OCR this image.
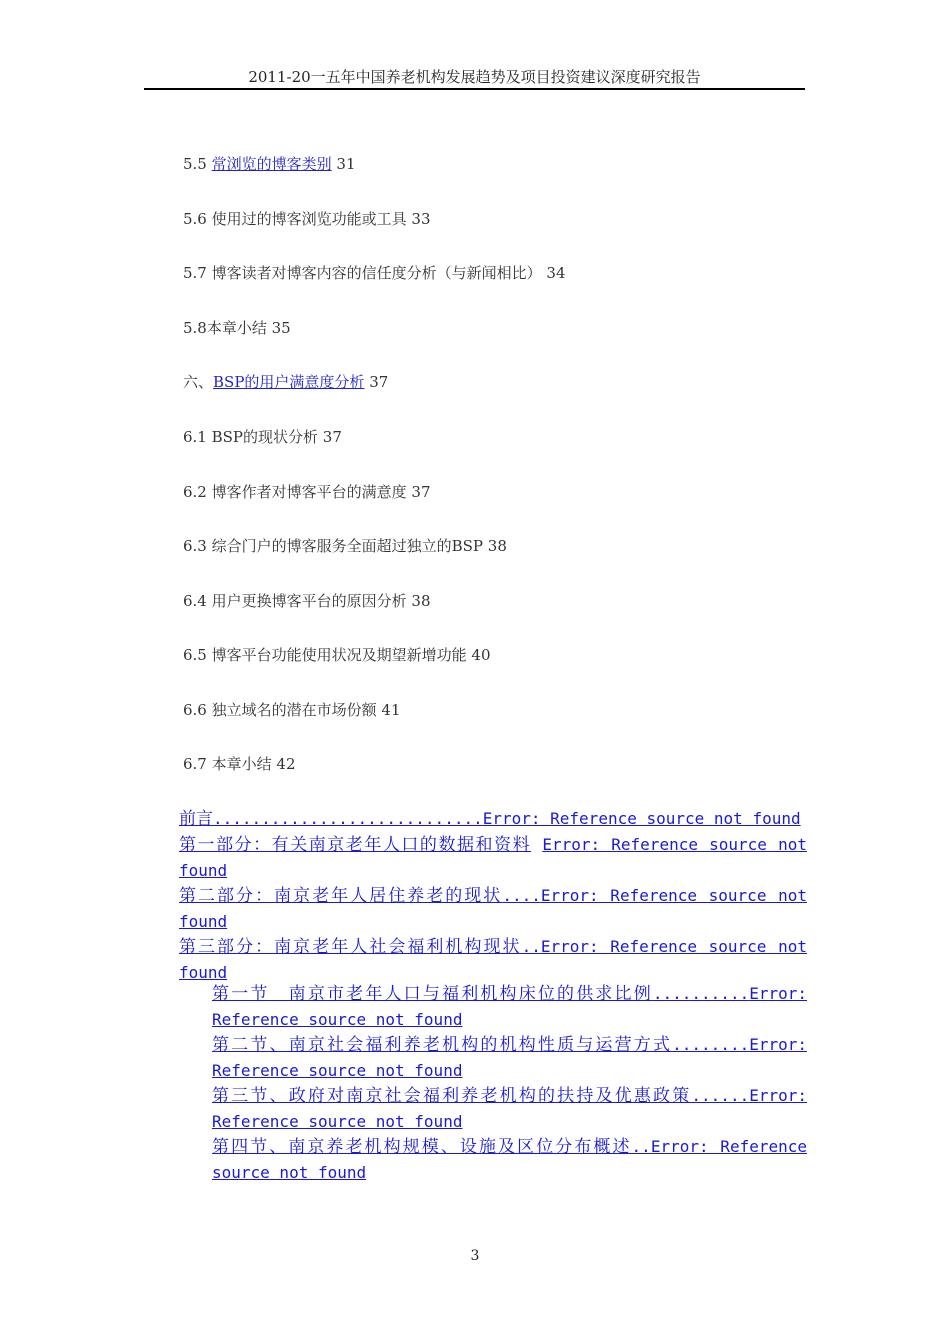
2011-20一五年中国养老机构发展趋势及项目投资建议深度研究报告
5.5 常浏览的博客类别 31
5.6 使用过的博客浏览功能或工具 33
5.7 博客读者对博客内容的信任度分析（与新闻相比） 34
5.8本章小结 35
六、BSP的用户满意度分析 37
6.1 BSP的现状分析 37
6.2 博客作者对博客平台的满意度 37
6.3 综合门户的博客服务全面超过独立的BSP 38
6.4 用户更换博客平台的原因分析 38
6.5 博客平台功能使用状况及期望新增功能 40
6.6 独立域名的潜在市场份额 41
6.7 本章小结 42
前言............................Error: Reference source not found
第一部分：有关南京老年人口的数据和资料 Error: Reference source not found
第二部分：南京老年人居住养老的现状....Error: Reference source not found
第三部分：南京老年人社会福利机构现状..Error: Reference source not found
第一节　南京市老年人口与福利机构床位的供求比例..........Error: Reference source not found
第二节、南京社会福利养老机构的机构性质与运营方式........Error: Reference source not found
第三节、政府对南京社会福利养老机构的扶持及优惠政策......Error: Reference source not found
第四节、南京养老机构规模、设施及区位分布概述..Error: Reference source not found
3
